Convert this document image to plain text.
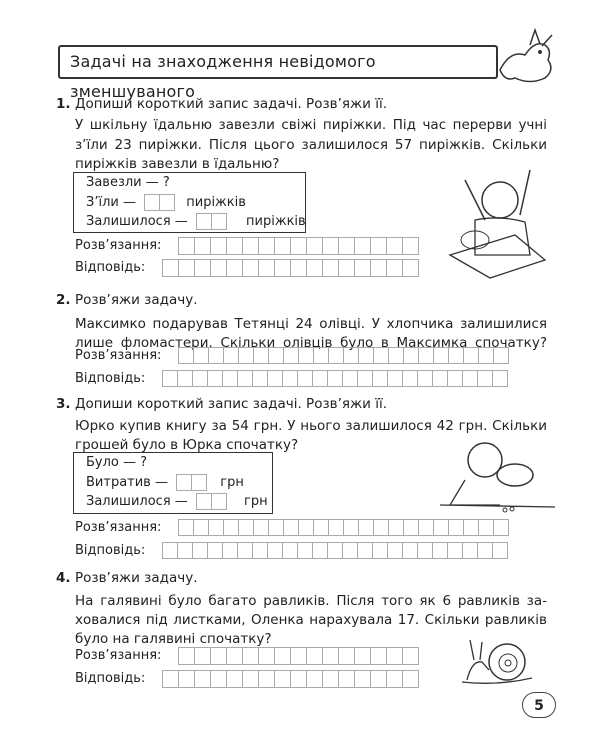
Задачі на знаходження невідомого зменшуваного
1. Допиши короткий запис задачі. Розв’яжи її.
У шкільну їдальню завезли свіжі пиріжки. Під час перерви учні
з’їли 23 пиріжки. Після цього залишилося 57 пиріжків. Скільки
пиріжків завезли в їдальню?
Завезли — ?
З’їли —	пиріжків
Залишилося —	пиріжків
Розв’язання:
Відповідь:
2. Розв’яжи задачу.
Максимко подарував Тетянці 24 олівці. У хлопчика залишилися
лише фломастери. Скільки олівців було в Максимка спочатку?
Розв’язання:
Відповідь:
3. Допиши короткий запис задачі. Розв’яжи її.
Юрко купив книгу за 54 грн. У нього залишилося 42 грн. Скільки
грошей було в Юрка спочатку?
Було — ?
Витратив —	грн
Залишилося —	грн
Розв’язання:
Відповідь:
4. Розв’яжи задачу.
На галявині було багато равликів. Після того як 6 равликів за-
ховалися під листками, Оленка нарахувала 17. Скільки равликів
було на галявині спочатку?
Розв’язання:
Відповідь:
5
